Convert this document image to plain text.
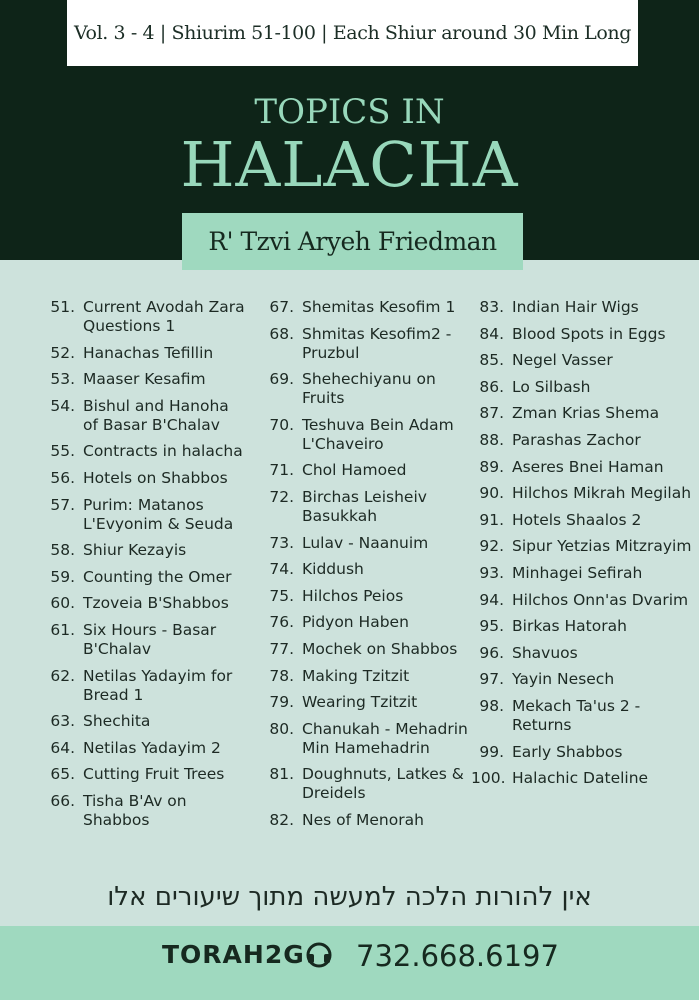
Vol. 3 - 4 | Shiurim 51-100 | Each Shiur around 30 Min Long
TOPICS IN
HALACHA
R' Tzvi Aryeh Friedman
51. Current Avodah Zara Questions 1
52. Hanachas Tefillin
53. Maaser Kesafim
54. Bishul and Hanoha of Basar B'Chalav
55. Contracts in halacha
56. Hotels on Shabbos
57. Purim: Matanos L'Evyonim & Seuda
58. Shiur Kezayis
59. Counting the Omer
60. Tzoveia B'Shabbos
61. Six Hours - Basar B'Chalav
62. Netilas Yadayim for Bread 1
63. Shechita
64. Netilas Yadayim 2
65. Cutting Fruit Trees
66. Tisha B'Av on Shabbos
67. Shemitas Kesofim 1
68. Shmitas Kesofim2 - Pruzbul
69. Shehechiyanu on Fruits
70. Teshuva Bein Adam L'Chaveiro
71. Chol Hamoed
72. Birchas Leisheiv Basukkah
73. Lulav - Naanuim
74. Kiddush
75. Hilchos Peios
76. Pidyon Haben
77. Mochek on Shabbos
78. Making Tzitzit
79. Wearing Tzitzit
80. Chanukah - Mehadrin Min Hamehadrin
81. Doughnuts, Latkes & Dreidels
82. Nes of Menorah
83. Indian Hair Wigs
84. Blood Spots in Eggs
85. Negel Vasser
86. Lo Silbash
87. Zman Krias Shema
88. Parashas Zachor
89. Aseres Bnei Haman
90. Hilchos Mikrah Megilah
91. Hotels Shaalos 2
92. Sipur Yetzias Mitzrayim
93. Minhagei Sefirah
94. Hilchos Onn'as Dvarim
95. Birkas Hatorah
96. Shavuos
97. Yayin Nesech
98. Mekach Ta'us 2 - Returns
99. Early Shabbos
100. Halachic Dateline
אין להורות הלכה למעשה מתוך שיעורים אלו
TORAH 2G 732.668.6197
